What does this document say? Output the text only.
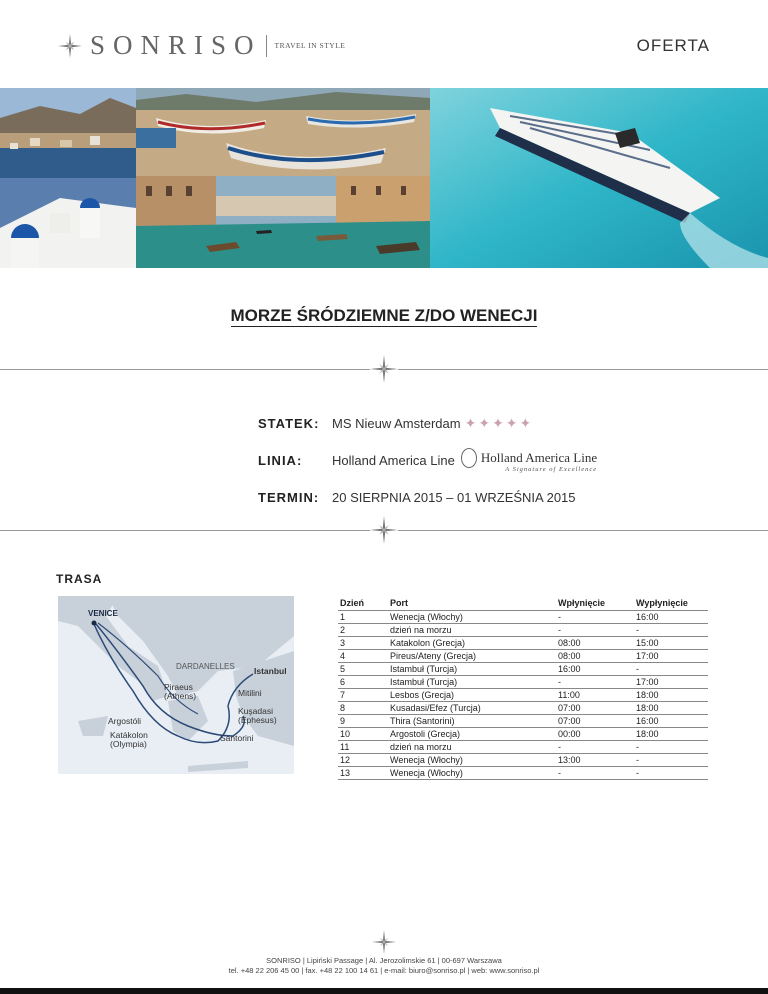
SONRISO TRAVEL IN STYLE	OFERTA
MORZE ŚRÓDZIEMNE Z/DO WENECJI
STATEK: MS Nieuw Amsterdam ✦ ✦ ✦ ✦ ✦
LINIA:	Holland America Line	Holland America Line
A Signature of Excellence
TERMIN: 20 SIERPNIA 2015 – 01 WRZEŚNIA 2015
TRASA
VENICE
DARDANELLES Istanbul
Piraeus
(Athens)	Mitilini
Argostóli
Kuşadasi
(Ephesus)
Katákolon
(Olympia)
Santorini
Dzień	Port	Wpłynięcie	Wypłynięcie
1	Wenecja (Włochy)	-	16:00
2	dzień na morzu	-	-
3	Katakolon (Grecja)	08:00	15:00
4	Pireus/Ateny (Grecja)	08:00	17:00
5	Istambuł (Turcja)	16:00	-
6	Istambuł (Turcja)	-	17:00
7	Lesbos (Grecja)	11:00	18:00
8	Kusadasi/Efez (Turcja)	07:00	18:00
9	Thira (Santorini)	07:00	16:00
10	Argostoli (Grecja)	00:00	18:00
11	dzień na morzu	-	-
12	Wenecja (Włochy)	13:00	-
13	Wenecja (Włochy)	-	-
SONRISO | Lipiński Passage | Al. Jerozolimskie 61 | 00-697 Warszawa
tel. +48 22 206 45 00 | fax. +48 22 100 14 61 | e-mail: biuro@sonriso.pl | web: www.sonriso.pl
